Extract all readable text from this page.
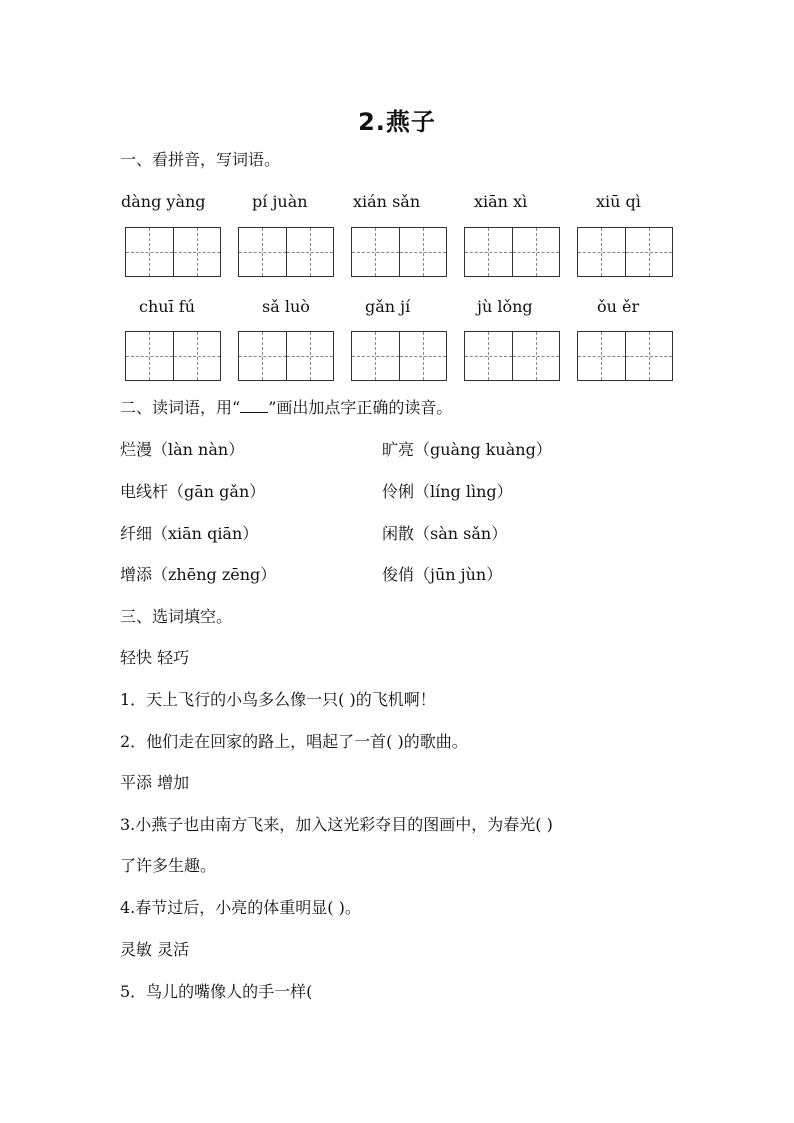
2.燕子
一、看拼音，写词语。
dàng yàng	pí juàn	xián sǎn	xiān xì	xiū qì
chuī fú	sǎ luò	gǎn jí	jù lǒng	ǒu ěr
二、读词语，用“ ”画出加点字正确的读音。
烂漫（làn nàn）	旷亮（guàng kuàng）
电线杆（gān gǎn）	伶俐（líng lìng）
纤细（xiān qiān）	闲散（sàn sǎn）
增添（zhēng zēng）	俊俏（jūn jùn）
三、选词填空。
轻快 轻巧
1．天上飞行的小鸟多么像一只( )的飞机啊！
2．他们走在回家的路上，唱起了一首( )的歌曲。
平添 增加
3.小燕子也由南方飞来，加入这光彩夺目的图画中，为春光( )
了许多生趣。
4.春节过后，小亮的体重明显( )。
灵敏 灵活
5．鸟儿的嘴像人的手一样(
